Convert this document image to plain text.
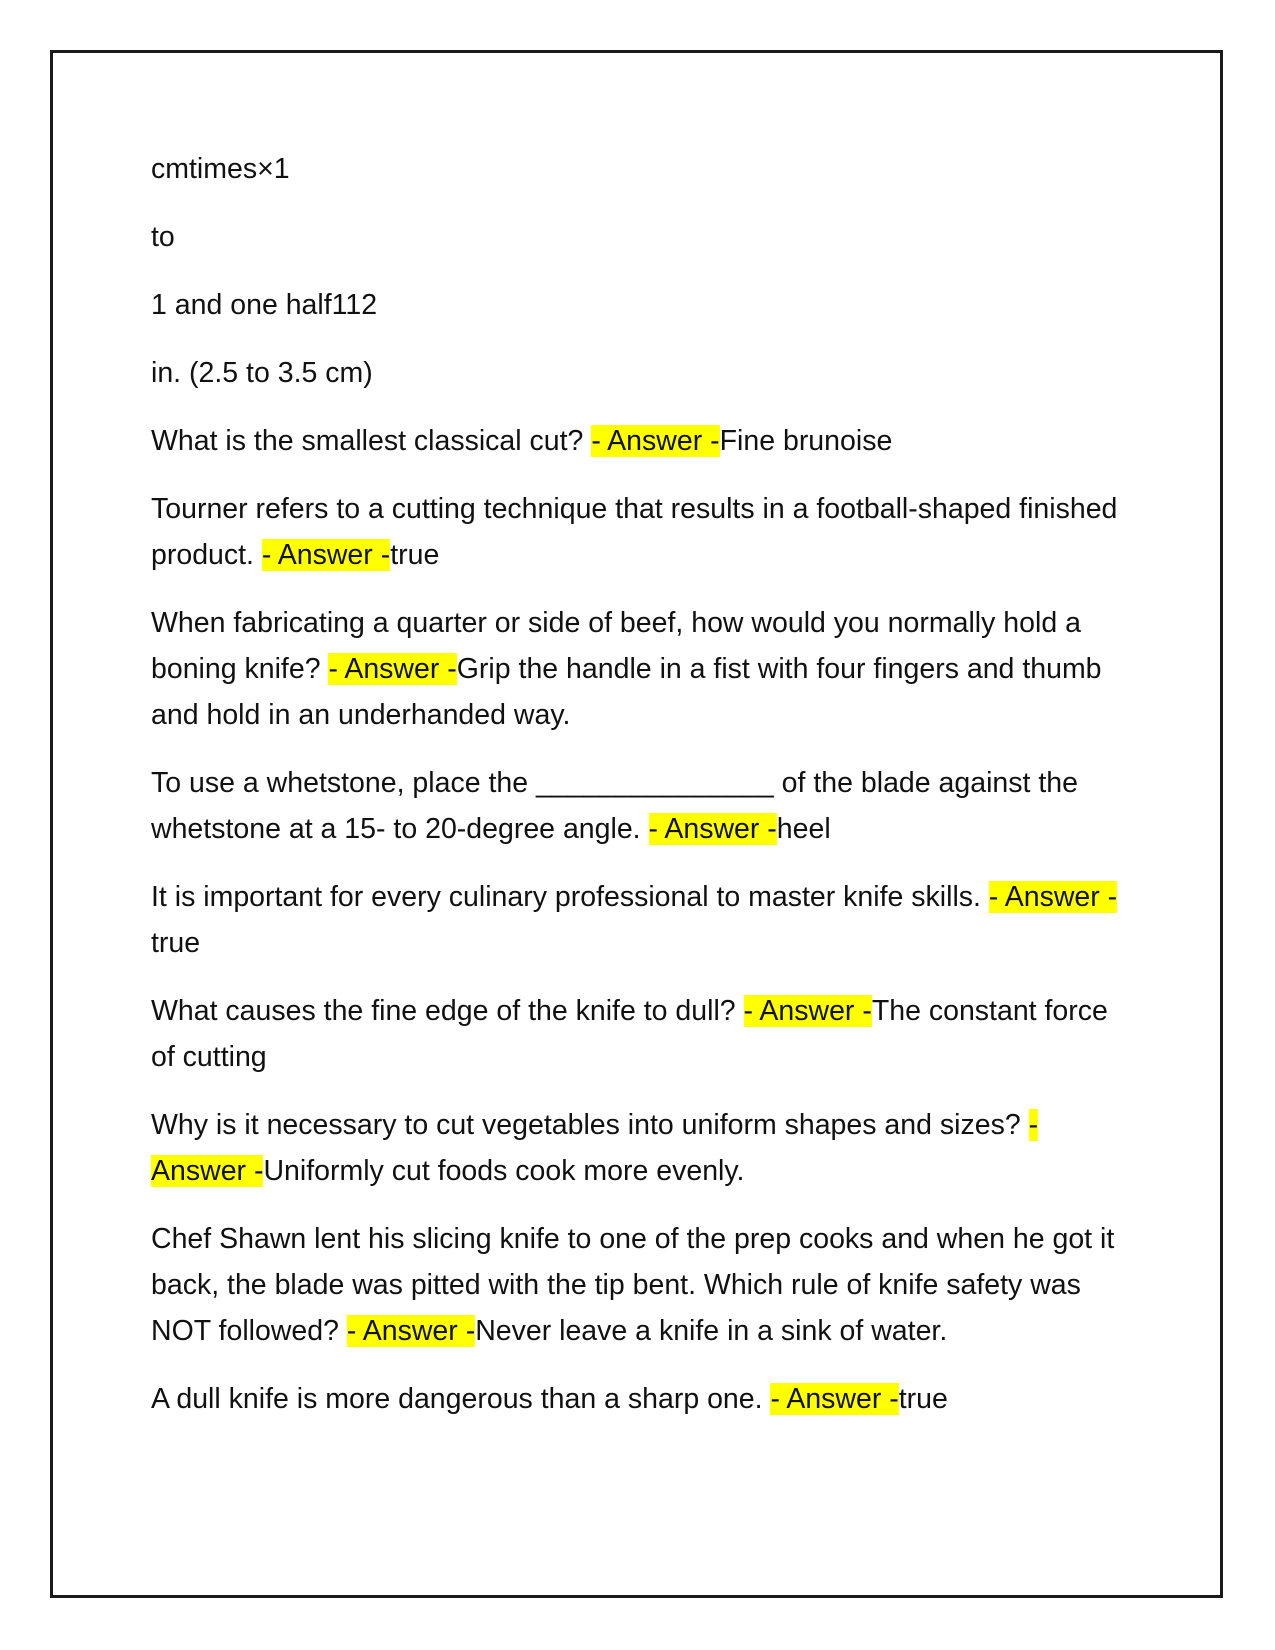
cmtimes×1

to

1 and one half112

in. (2.5 to 3.5 cm)

What is the smallest classical cut? - Answer -Fine brunoise

Tourner refers to a cutting technique that results in a football-shaped finished product. - Answer -true

When fabricating a quarter or side of beef, how would you normally hold a boning knife? - Answer -Grip the handle in a fist with four fingers and thumb and hold in an underhanded way.

To use a whetstone, place the _______________ of the blade against the whetstone at a 15- to 20-degree angle. - Answer -heel

It is important for every culinary professional to master knife skills. - Answer -true

What causes the fine edge of the knife to dull? - Answer -The constant force of cutting

Why is it necessary to cut vegetables into uniform shapes and sizes? - Answer -Uniformly cut foods cook more evenly.

Chef Shawn lent his slicing knife to one of the prep cooks and when he got it back, the blade was pitted with the tip bent. Which rule of knife safety was NOT followed? - Answer -Never leave a knife in a sink of water.

A dull knife is more dangerous than a sharp one. - Answer -true
